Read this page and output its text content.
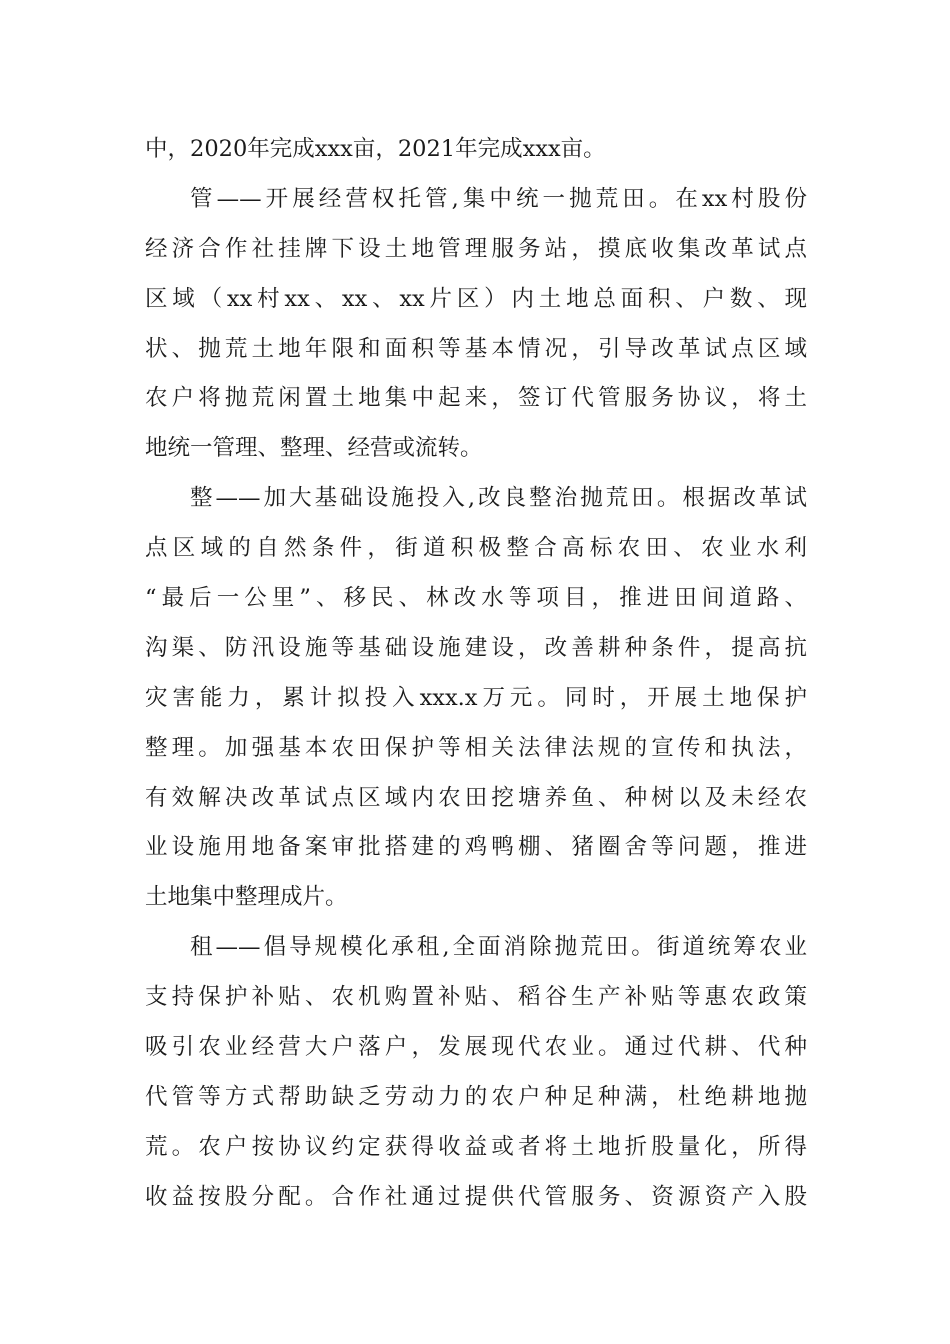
中，2020年完成xxx亩，2021年完成xxx亩。
管——开展经营权托管,集中统一抛荒田。在xx村股份
经济合作社挂牌下设土地管理服务站，摸底收集改革试点
区域（xx村xx、xx、xx片区）内土地总面积、户数、现
状、抛荒土地年限和面积等基本情况，引导改革试点区域
农户将抛荒闲置土地集中起来，签订代管服务协议，将土
地统一管理、整理、经营或流转。
整——加大基础设施投入,改良整治抛荒田。根据改革试
点区域的自然条件，街道积极整合高标农田、农业水利
“最后一公里”、移民、林改水等项目，推进田间道路、
沟渠、防汛设施等基础设施建设，改善耕种条件，提高抗
灾害能力，累计拟投入xxx.x万元。同时，开展土地保护
整理。加强基本农田保护等相关法律法规的宣传和执法，
有效解决改革试点区域内农田挖塘养鱼、种树以及未经农
业设施用地备案审批搭建的鸡鸭棚、猪圈舍等问题，推进
土地集中整理成片。
租——倡导规模化承租,全面消除抛荒田。街道统筹农业
支持保护补贴、农机购置补贴、稻谷生产补贴等惠农政策
吸引农业经营大户落户，发展现代农业。通过代耕、代种
代管等方式帮助缺乏劳动力的农户种足种满，杜绝耕地抛
荒。农户按协议约定获得收益或者将土地折股量化，所得
收益按股分配。合作社通过提供代管服务、资源资产入股
